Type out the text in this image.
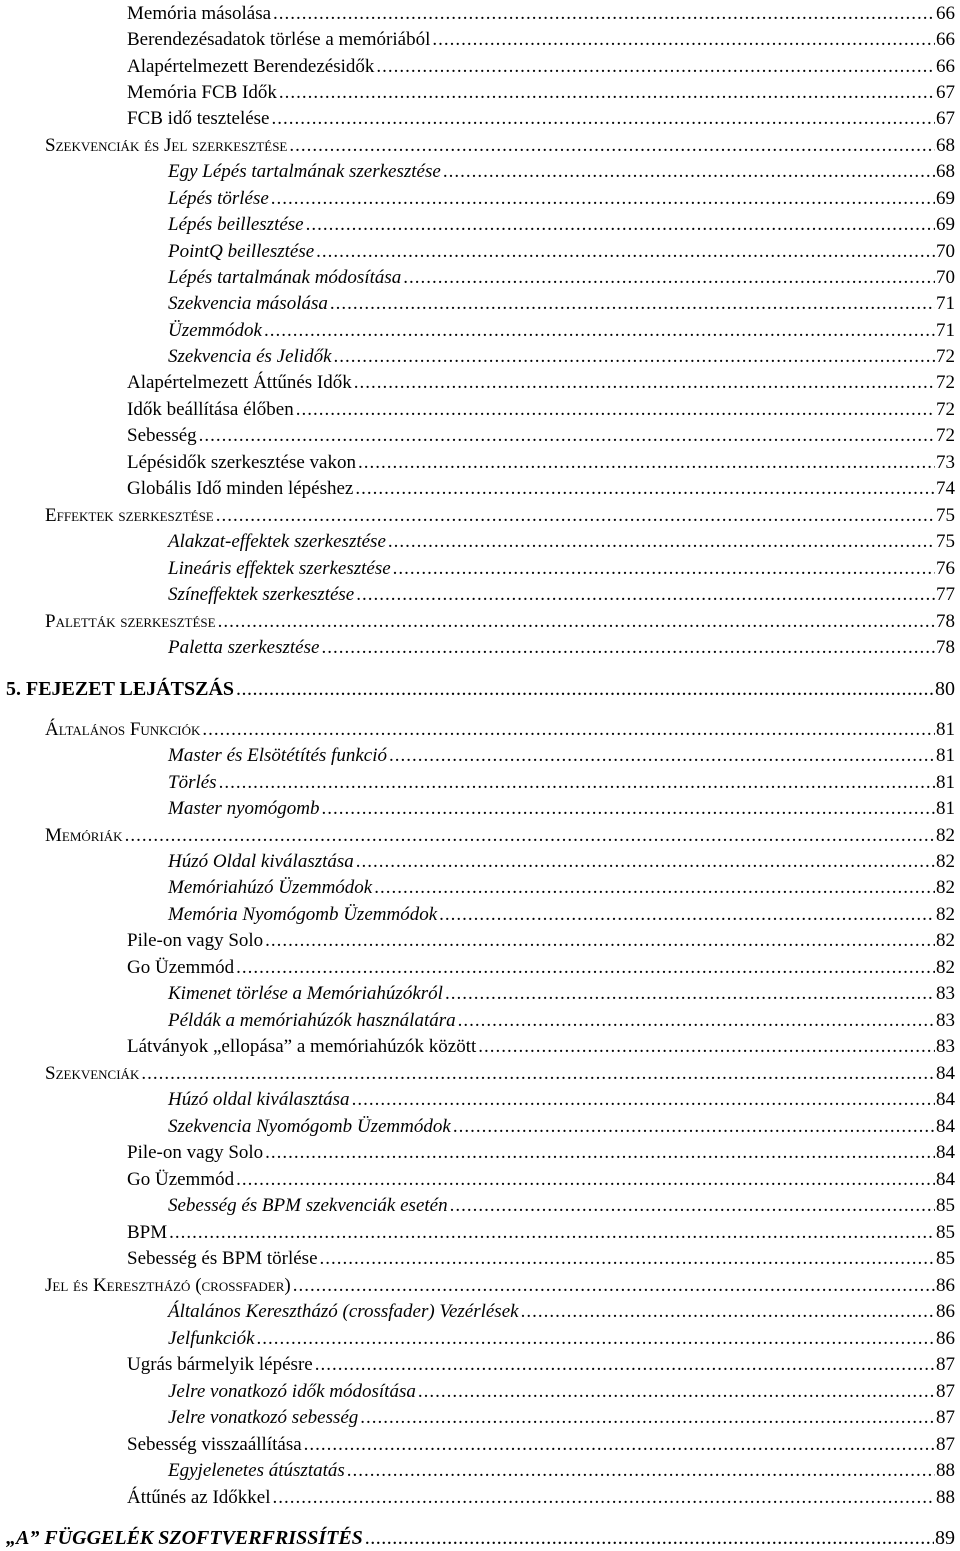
Memória másolása .....	66
Berendezésadatok törlése a memóriából .....	66
Alapértelmezett Berendezésidők .....	66
Memória FCB Idők .....	67
FCB idő tesztelése .....	67
Szekvenciák és Jel szerkesztése .....	68
Egy Lépés tartalmának szerkesztése .....	68
Lépés törlése .....	69
Lépés beillesztése .....	69
PointQ beillesztése .....	70
Lépés tartalmának módosítása .....	70
Szekvencia másolása .....	71
Üzemmódok .....	71
Szekvencia és Jelidők .....	72
Alapértelmezett Áttűnés Idők .....	72
Idők beállítása élőben .....	72
Sebesség .....	72
Lépésidők szerkesztése vakon .....	73
Globális Idő minden lépéshez .....	74
Effektek szerkesztése .....	75
Alakzat-effektek szerkesztése .....	75
Lineáris effektek szerkesztése .....	76
Színeffektek szerkesztése .....	77
Paletták szerkesztése .....	78
Paletta szerkesztése .....	78
5. FEJEZET LEJÁTSZÁS .....	80
Általános Funkciók .....	81
Master és Elsötétítés funkció .....	81
Törlés .....	81
Master nyomógomb .....	81
Memóriák .....	82
Húzó Oldal kiválasztása .....	82
Memóriahúzó Üzemmódok .....	82
Memória Nyomógomb Üzemmódok .....	82
Pile-on vagy Solo .....	82
Go Üzemmód .....	82
Kimenet törlése a Memóriahúzókról .....	83
Példák a memóriahúzók használatára .....	83
Látványok „ellopása” a memóriahúzók között .....	83
Szekvenciák .....	84
Húzó oldal kiválasztása .....	84
Szekvencia Nyomógomb Üzemmódok .....	84
Pile-on vagy Solo .....	84
Go Üzemmód .....	84
Sebesség és BPM szekvenciák esetén .....	85
BPM .....	85
Sebesség és BPM törlése .....	85
Jel és Keresztházó (crossfader) .....	86
Általános Keresztházó (crossfader) Vezérlések .....	86
Jelfunkciók .....	86
Ugrás bármelyik lépésre .....	87
Jelre vonatkozó idők módosítása .....	87
Jelre vonatkozó sebesség .....	87
Sebesség visszaállítása .....	87
Egyjelenetes átúsztatás .....	88
Áttűnés az Időkkel .....	88
„A” FÜGGELÉK SZOFTVERFRISSÍTÉS .....	89
